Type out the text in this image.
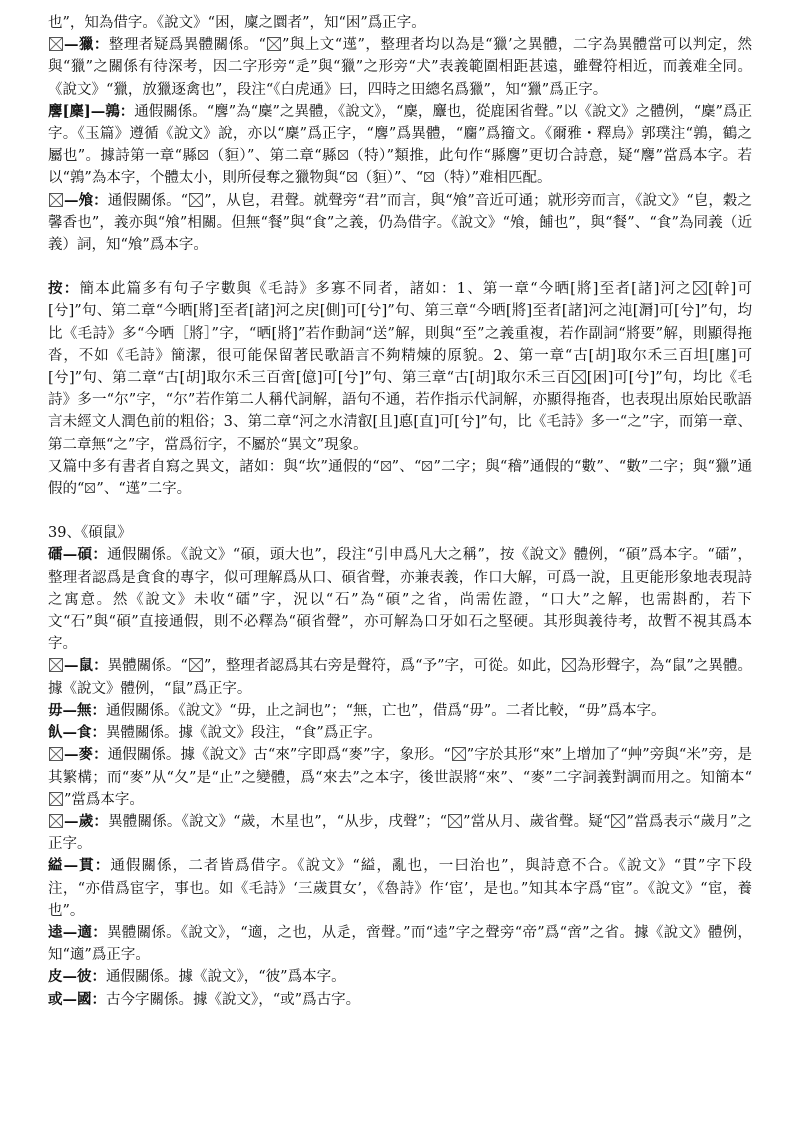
也”，知為借字。《說文》“困，廩之圜者”，知“困”爲正字。

—獵：整理者疑爲異體關係。“ ”與上文“遳”，整理者均以為是“獵’之異體，二字為異體當可以判定，然與“獵”之關係有待深考，因二字形旁“辵”與“獵”之形旁“犬”表義範圍相距甚遠，雖聲符相近，而義难全同。《說文》“獵，放獵逐禽也”，段注“《白虎通》曰，四時之田總名爲獵”，知“獵”爲正字。

麐[麇]—鶉：通假關係。“麐”為“麇”之異體，《說文》，“麇，麞也，從鹿囷省聲。”以《說文》之體例，“麇”爲正字。《玉篇》遵循《說文》說，亦以“麇”爲正字，“麐”爲異體，“麕”爲籀文。《爾雅・釋鳥》郭璞注“鶉，鶴之屬也”。據詩第一章“縣 （貆）”、第二章“縣 （特）”類推，此句作“縣麐”更切合詩意，疑“麐”當爲本字。若以“鶉”為本字，个體太小，則所侵奪之獵物與“ （貆）”、“ （特）”难相匹配。

—飧：通假關係。“ ”，从皀，君聲。就聲旁“君”而言，與“飧”音近可通；就形旁而言，《說文》“皀，穀之馨香也”，義亦與“飧”相關。但無“餐”與“食”之義，仍為借字。《說文》“飧，餔也”，與“餐”、“食”為同義（近義）詞，知“飧”爲本字。

按：簡本此篇多有句子字數與《毛詩》多寡不同者，諸如：1、第一章“今晒[將]至者[諸]河之 [幹]可[兮]”句、第二章“今晒[將]至者[諸]河之戻[側]可[兮]”句、第三章“今晒[將]至者[諸]河之沌[漘]可[兮]”句，均比《毛詩》多“今晒［將］”字，“晒[將]”若作動詞“送”解，則與“至”之義重複，若作副詞“將要”解，則顯得拖沓，不如《毛詩》簡潔，很可能保留著民歌語言不夠精煉的原貌。2、第一章“古[胡]取尔禾三百坦[廛]可[兮]”句、第二章“古[胡]取尔禾三百啻[億]可[兮]”句、第三章“古[胡]取尔禾三百 [困]可[兮]”句，均比《毛詩》多一“尔”字，“尔”若作第二人稱代詞解，語句不通，若作指示代詞解，亦顯得拖沓，也表現出原始民歌語言未經文人潤色前的粗俗；3、第二章“河之水清叡[且]悳[直]可[兮]”句，比《毛詩》多一“之”字，而第一章、第二章無“之”字，當爲衍字，不屬於“異文”現象。

又篇中多有書者自寫之異文，諸如：與“坎”通假的“ ”、“ ”二字；與“稽”通假的“數”、“數”二字；與“獵”通假的“ ”、“遳”二字。

39、《碩鼠》

礌—碩：通假關係。《說文》“碩，頭大也”，段注“引申爲凡大之稱”，按《說文》體例，“碩”爲本字。“礌”，整理者認爲是貪食的專字，似可理解爲从口、碩省聲，亦兼表義，作口大解，可爲一說，且更能形象地表現詩之寓意。然《說文》未收“礌”字，況以“石”為“碩”之省，尚需佐證，“口大”之解，也需斟酌，若下文“石”與“碩”直接通假，則不必釋為“碩省聲”，亦可解為口牙如石之堅硬。其形與義待考，故暫不視其爲本字。

—鼠：異體關係。“ ”，整理者認爲其右旁是聲符，爲“予”字，可從。如此， 為形聲字，為“鼠”之異體。據《說文》體例，“鼠”爲正字。

毋—無：通假關係。《說文》“毋，止之詞也”；“無，亡也”，借爲“毋”。二者比較，“毋”爲本字。

飤—食：異體關係。據《說文》段注，“食”爲正字。

—麥：通假關係。據《說文》古“來”字即爲“麥”字，象形。“ ”字於其形“來”上增加了“艸”旁與“米”旁，是其繁構；而“麥”从“夂”是“止”之變體，爲“來去”之本字，後世誤將“來”、“麥”二字詞義對調而用之。知簡本“”當爲本字。

—歲：異體關係。《說文》“歲，木星也”，“从步，戌聲”；“ ”當从月、歲省聲。疑“ ”當爲表示“歲月”之正字。

縊—貫：通假關係，二者皆爲借字。《說文》“縊，亂也，一曰治也”，與詩意不合。《說文》“貫”字下段注，“亦借爲宦字，事也。如《毛詩》‘三歲貫女’，《魯詩》作‘宦’，是也。”知其本字爲“宦”。《說文》“宦，養也”。

逵—適：異體關係。《說文》，“適，之也，从辵，啻聲。”而“逵”字之聲旁“帝”爲“啻”之省。據《說文》體例，知“適”爲正字。

皮—彼：通假關係。據《說文》，“彼”爲本字。

或—國：古今字關係。據《說文》，“或”爲古字。
